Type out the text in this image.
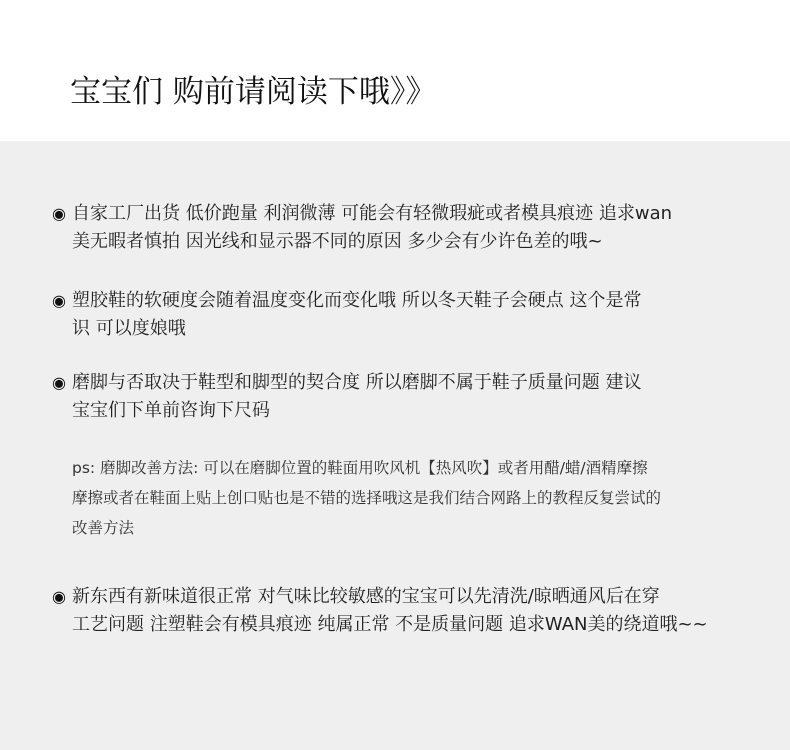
宝宝们 购前请阅读下哦》》
◉ 自家工厂出货 低价跑量 利润微薄 可能会有轻微瑕疵或者模具痕迹 追求wan
美无暇者慎拍 因光线和显示器不同的原因 多少会有少许色差的哦~
◉ 塑胶鞋的软硬度会随着温度变化而变化哦 所以冬天鞋子会硬点 这个是常
识 可以度娘哦
◉ 磨脚与否取决于鞋型和脚型的契合度 所以磨脚不属于鞋子质量问题 建议
宝宝们下单前咨询下尺码
ps: 磨脚改善方法: 可以在磨脚位置的鞋面用吹风机【热风吹】或者用醋/蜡/酒精摩擦
摩擦或者在鞋面上贴上创口贴也是不错的选择哦这是我们结合网路上的教程反复尝试的
改善方法
◉ 新东西有新味道很正常 对气味比较敏感的宝宝可以先清洗/晾晒通风后在穿
工艺问题 注塑鞋会有模具痕迹 纯属正常 不是质量问题 追求WAN美的绕道哦~~
